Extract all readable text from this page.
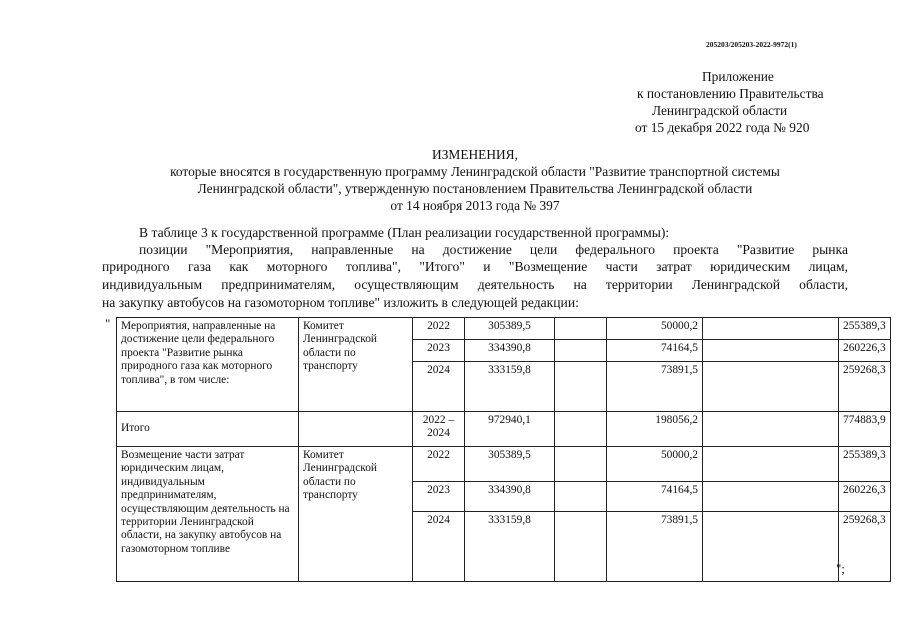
205203/205203-2022-9972(1)
Приложение
к постановлению Правительства
Ленинградской области
от 15 декабря 2022 года № 920
ИЗМЕНЕНИЯ,
которые вносятся в государственную программу Ленинградской области "Развитие транспортной системы
Ленинградской области", утвержденную постановлением Правительства Ленинградской области
от 14 ноября 2013 года № 397
В таблице 3 к государственной программе (План реализации государственной программы):
позиции "Мероприятия, направленные на достижение цели федерального проекта "Развитие рынка
природного газа как моторного топлива", "Итого" и "Возмещение части затрат юридическим лицам,
индивидуальным предпринимателям, осуществляющим деятельность на территории Ленинградской области,
на закупку автобусов на газомоторном топливе" изложить в следующей редакции:
"
";
Мероприятия, направленные на достижение цели федерального проекта "Развитие рынка природного газа как моторного топлива", в том числе:	Комитет Ленинградской области по транспорту	2022	305389,5		50000,2		255389,3
		2023	334390,8		74164,5		260226,3
		2024	333159,8		73891,5		259268,3
Итого		2022 – 2024	972940,1		198056,2		774883,9
Возмещение части затрат юридическим лицам, индивидуальным предпринимателям, осуществляющим деятельность на территории Ленинградской области, на закупку автобусов на газомоторном топливе	Комитет Ленинградской области по транспорту	2022	305389,5		50000,2		255389,3
		2023	334390,8		74164,5		260226,3
		2024	333159,8		73891,5		259268,3
